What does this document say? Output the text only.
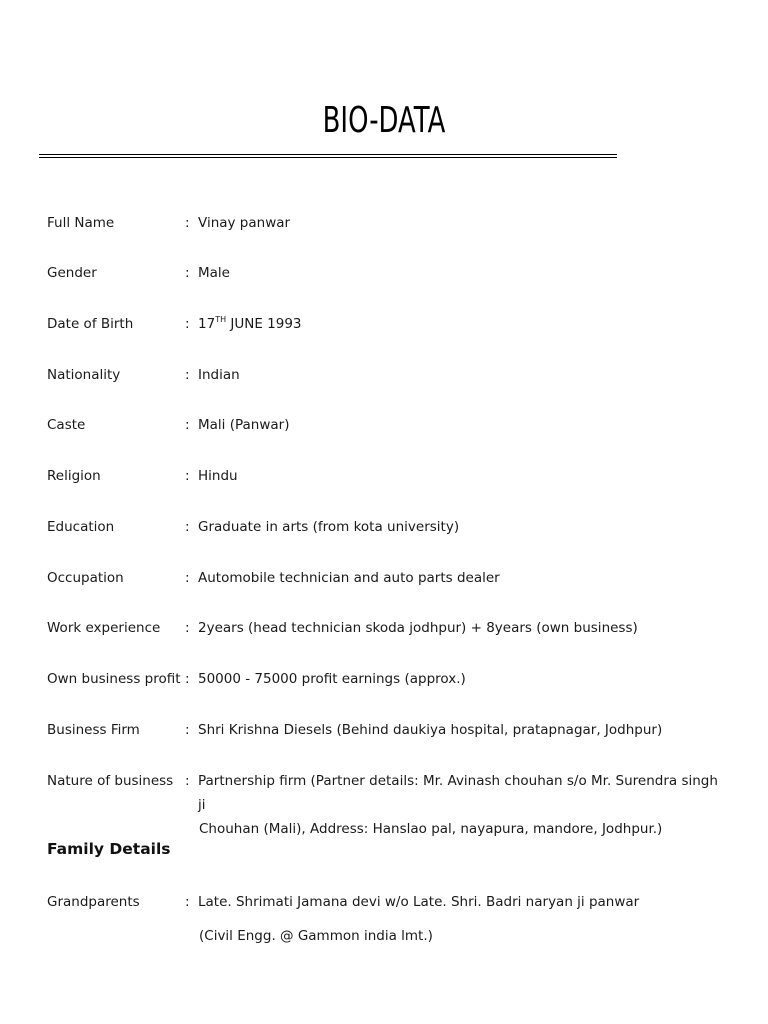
BIO-DATA
Full Name	: Vinay panwar
Gender	: Male
Date of Birth	: 17TH JUNE 1993
Nationality	: Indian
Caste	: Mali (Panwar)
Religion	: Hindu
Education	: Graduate in arts (from kota university)
Occupation	: Automobile technician and auto parts dealer
Work experience : 2years (head technician skoda jodhpur) + 8years (own business)
Own business profit : 50000 - 75000 profit earnings (approx.)
Business Firm	: Shri Krishna Diesels (Behind daukiya hospital, pratapnagar, Jodhpur)
Nature of business : Partnership firm (Partner details: Mr. Avinash chouhan s/o Mr. Surendra singh ji
Chouhan (Mali), Address: Hanslao pal, nayapura, mandore, Jodhpur.)
Family Details
Grandparents	: Late. Shrimati Jamana devi w/o Late. Shri. Badri naryan ji panwar
(Civil Engg. @ Gammon india lmt.)
